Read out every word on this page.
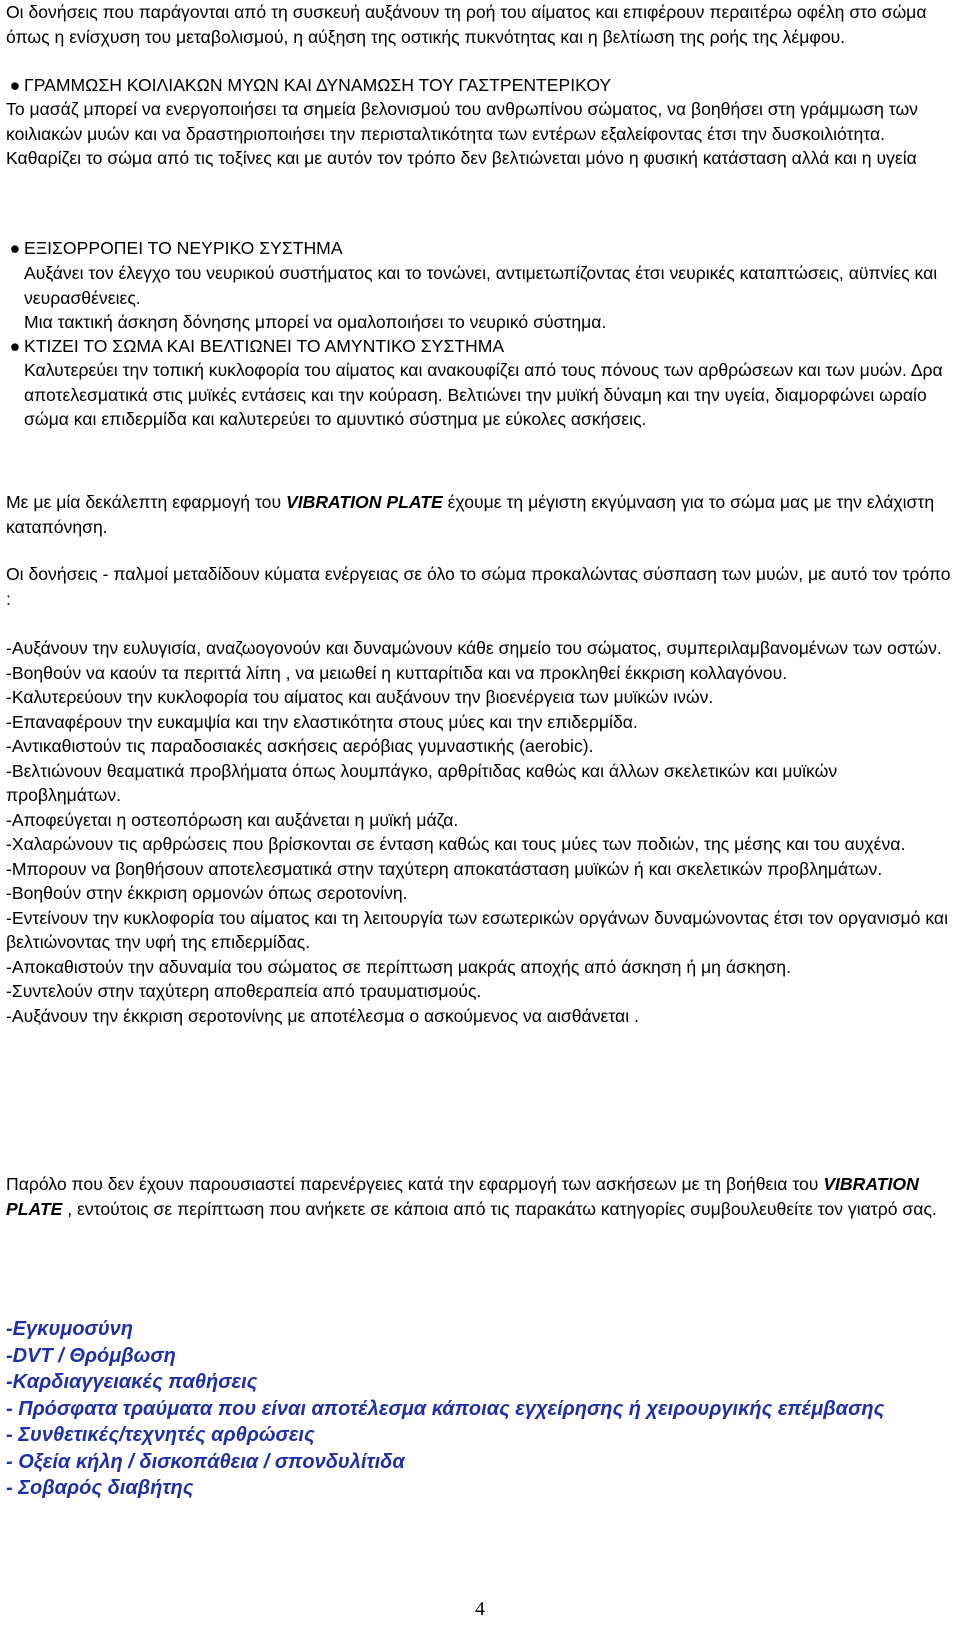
Οι δονήσεις που παράγονται από τη συσκευή αυξάνουν τη ροή του αίματος και επιφέρουν περαιτέρω οφέλη στο σώμα όπως η ενίσχυση του μεταβολισμού, η αύξηση της οστικής πυκνότητας και η βελτίωση της ροής της λέμφου.

● ΓΡΑΜΜΩΣΗ ΚΟΙΛΙΑΚΩΝ ΜΥΩΝ ΚΑΙ ΔΥΝΑΜΩΣΗ ΤΟΥ ΓΑΣΤΡΕΝΤΕΡΙΚΟΥ

Το μασάζ μπορεί να ενεργοποιήσει τα σημεία βελονισμού του ανθρωπίνου σώματος, να βοηθήσει στη γράμμωση των κοιλιακών μυών και να δραστηριοποιήσει την περισταλτικότητα των εντέρων εξαλείφοντας έτσι την δυσκοιλιότητα.

Καθαρίζει το σώμα από τις τοξίνες και με αυτόν τον τρόπο δεν βελτιώνεται μόνο η φυσική κατάσταση αλλά και η υγεία

● ΕΞΙΣΟΡΡΟΠΕΙ ΤΟ ΝΕΥΡΙΚΟ ΣΥΣΤΗΜΑ

Αυξάνει τον έλεγχο του νευρικού συστήματος και το τονώνει, αντιμετωπίζοντας έτσι νευρικές καταπτώσεις, αϋπνίες και νευρασθένειες.

Μια τακτική άσκηση δόνησης μπορεί να ομαλοποιήσει το νευρικό σύστημα.

● ΚΤΙΖΕΙ ΤΟ ΣΩΜΑ ΚΑΙ ΒΕΛΤΙΩΝΕΙ ΤΟ ΑΜΥΝΤΙΚΟ ΣΥΣΤΗΜΑ

Καλυτερεύει την τοπική κυκλοφορία του αίματος και ανακουφίζει από τους πόνους των αρθρώσεων και των μυών. Δρα αποτελεσματικά στις μυϊκές εντάσεις και την κούραση. Βελτιώνει την μυϊκή δύναμη και την υγεία, διαμορφώνει ωραίο σώμα και επιδερμίδα και καλυτερεύει το αμυντικό σύστημα με εύκολες ασκήσεις.

Με με μία δεκάλεπτη εφαρμογή του VIBRATION PLATE έχουμε τη μέγιστη εκγύμναση για το σώμα μας με την ελάχιστη καταπόνηση.

Οι δονήσεις - παλμοί μεταδίδουν κύματα ενέργειας σε όλο το σώμα προκαλώντας σύσπαση των μυών, με αυτό τον τρόπο :

-Αυξάνουν την ευλυγισία, αναζωογονούν και δυναμώνουν κάθε σημείο του σώματος, συμπεριλαμβανομένων των οστών.

-Βοηθούν να καούν τα περιττά λίπη , να μειωθεί η κυτταρίτιδα και να προκληθεί έκκριση κολλαγόνου.

-Καλυτερεύουν την κυκλοφορία του αίματος και αυξάνουν την βιοενέργεια των μυϊκών ινών.

-Επαναφέρουν την ευκαμψία και την ελαστικότητα στους μύες και την επιδερμίδα.

-Αντικαθιστούν τις παραδοσιακές ασκήσεις αερόβιας γυμναστικής (aerobic).

-Βελτιώνουν θεαματικά προβλήματα όπως λουμπάγκο, αρθρίτιδας καθώς και άλλων σκελετικών και μυϊκών προβλημάτων.

-Αποφεύγεται η οστεοπόρωση και αυξάνεται η μυϊκή μάζα.

-Χαλαρώνουν τις αρθρώσεις που βρίσκονται σε ένταση καθώς και τους μύες των ποδιών, της μέσης και του αυχένα.

-Μπορουν να βοηθήσουν αποτελεσματικά στην ταχύτερη αποκατάσταση μυϊκών ή και σκελετικών προβλημάτων.

-Βοηθούν στην έκκριση ορμονών όπως σεροτονίνη.

-Εντείνουν την κυκλοφορία του αίματος και τη λειτουργία των εσωτερικών οργάνων δυναμώνοντας έτσι τον οργανισμό και βελτιώνοντας την υφή της επιδερμίδας.

-Αποκαθιστούν την αδυναμία του σώματος σε περίπτωση μακράς αποχής από άσκηση ή μη άσκηση.

-Συντελούν στην ταχύτερη αποθεραπεία από τραυματισμούς.

-Αυξάνουν την έκκριση σεροτονίνης με αποτέλεσμα ο ασκούμενος να αισθάνεται .

Παρόλο που δεν έχουν παρουσιαστεί παρενέργειες κατά την εφαρμογή των ασκήσεων με τη βοήθεια του VIBRATION PLATE , εντούτοις σε περίπτωση που ανήκετε σε κάποια από τις παρακάτω κατηγορίες συμβουλευθείτε τον γιατρό σας.

-Εγκυμοσύνη

-DVT / Θρόμβωση

-Καρδιαγγειακές παθήσεις

- Πρόσφατα τραύματα που είναι αποτέλεσμα κάποιας εγχείρησης ή χειρουργικής επέμβασης

- Συνθετικές/τεχνητές αρθρώσεις

- Οξεία κήλη / δισκοπάθεια / σπονδυλίτιδα

- Σοβαρός διαβήτης

4
